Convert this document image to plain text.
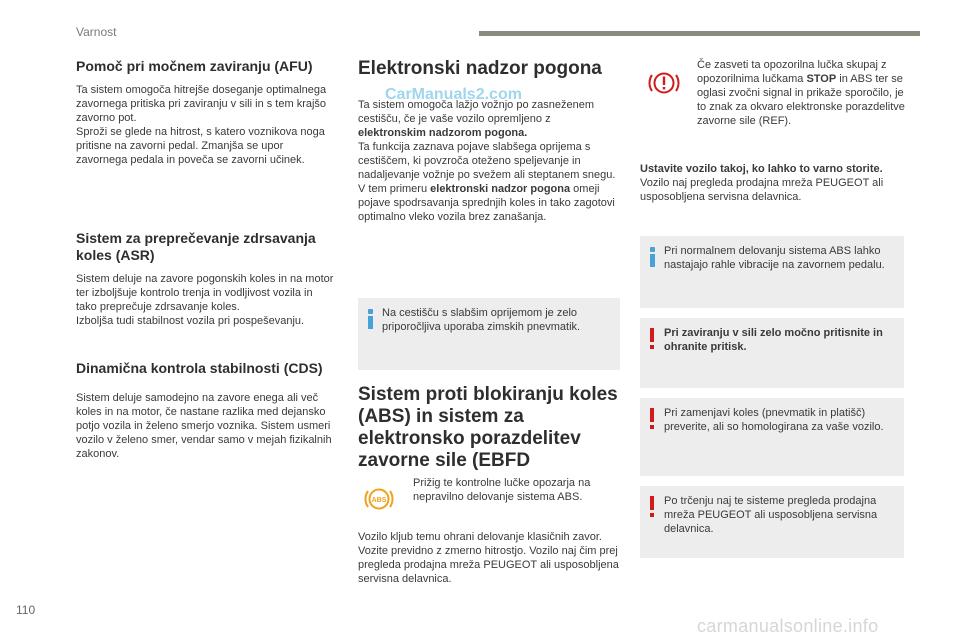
Varnost
Pomoč pri močnem zaviranju (AFU)

Ta sistem omogoča hitrejše doseganje optimalnega zavornega pritiska pri zaviranju v sili in s tem krajšo zavorno pot.

Sproži se glede na hitrost, s katero voznikova noga pritisne na zavorni pedal. Zmanjša se upor zavornega pedala in poveča se zavorni učinek.

Sistem za preprečevanje zdrsavanja koles (ASR)

Sistem deluje na zavore pogonskih koles in na motor ter izboljšuje kontrolo trenja in vodljivost vozila in tako preprečuje zdrsavanje koles.

Izboljša tudi stabilnost vozila pri pospeševanju.

Dinamična kontrola stabilnosti (CDS)

Sistem deluje samodejno na zavore enega ali več koles in na motor, če nastane razlika med dejansko potjo vozila in želeno smerjo voznika. Sistem usmeri vozilo v želeno smer, vendar samo v mejah fizikalnih zakonov.

Elektronski nadzor pogona

Ta sistem omogoča lažjo vožnjo po zasneženem cestišču, če je vaše vozilo opremljeno z elektronskim nadzorom pogona.

Ta funkcija zaznava pojave slabšega oprijema s cestiščem, ki povzroča oteženo speljevanje in nadaljevanje vožnje po svežem ali steptanem snegu.

V tem primeru elektronski nadzor pogona omeji pojave spodrsavanja sprednjih koles in tako zagotovi optimalno vleko vozila brez zanašanja.

CarManuals2.com

Na cestišču s slabšim oprijemom je zelo priporočljiva uporaba zimskih pnevmatik.

Sistem proti blokiranju koles (ABS) in sistem za elektronsko porazdelitev zavorne sile (EBFD
ABS

Prižig te kontrolne lučke opozarja na nepravilno delovanje sistema ABS.

Vozilo kljub temu ohrani delovanje klasičnih zavor. Vozite previdno z zmerno hitrostjo. Vozilo naj čim prej pregleda prodajna mreža PEUGEOT ali usposobljena servisna delavnica.

Če zasveti ta opozorilna lučka skupaj z opozorilnima lučkama STOP in ABS ter se oglasi zvočni signal in prikaže sporočilo, je to znak za okvaro elektronske porazdelitve zavorne sile (REF).

Ustavite vozilo takoj, ko lahko to varno storite.

Vozilo naj pregleda prodajna mreža PEUGEOT ali usposobljena servisna delavnica.

Pri normalnem delovanju sistema ABS lahko nastajajo rahle vibracije na zavornem pedalu.

Pri zaviranju v sili zelo močno pritisnite in ohranite pritisk.

Pri zamenjavi koles (pnevmatik in platišč) preverite, ali so homologirana za vaše vozilo.

Po trčenju naj te sisteme pregleda prodajna mreža PEUGEOT ali usposobljena servisna delavnica.

110
carmanualsonline.info
